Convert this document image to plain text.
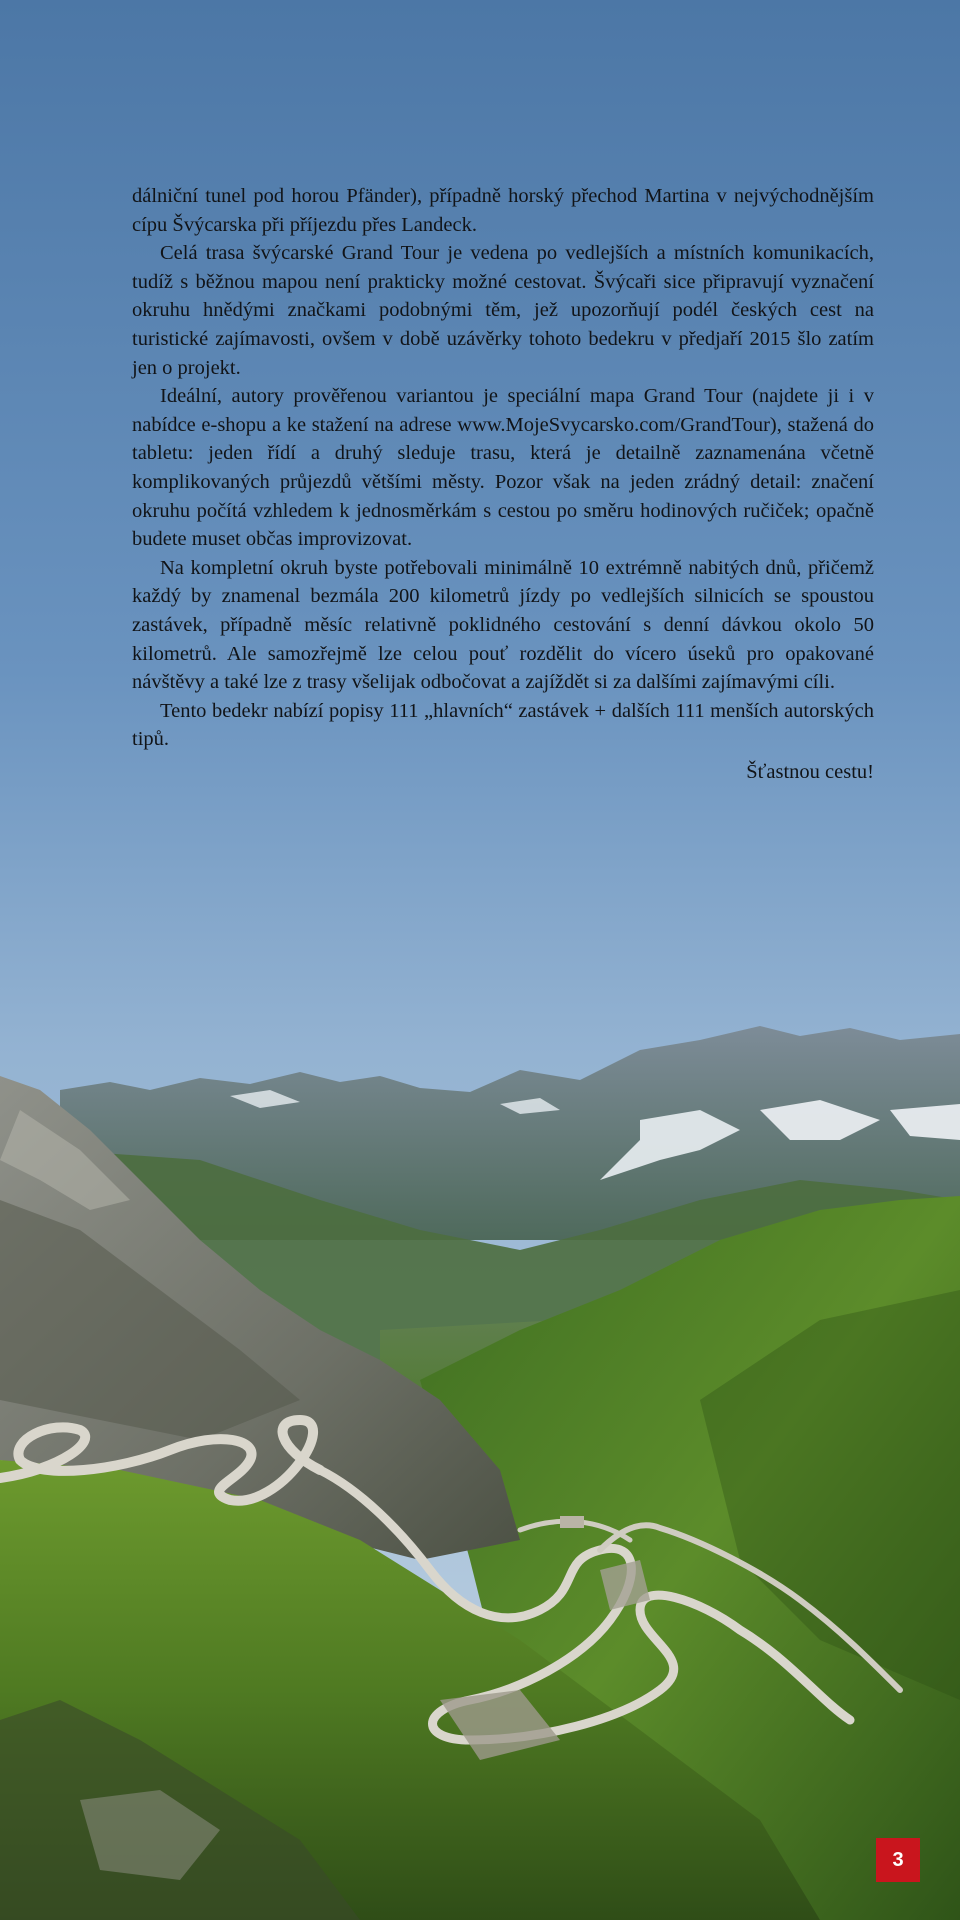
dálniční tunel pod horou Pfänder), případně horský přechod Martina v nejvýchodnějším cípu Švýcarska při příjezdu přes Landeck.

Celá trasa švýcarské Grand Tour je vedena po vedlejších a místních komunikacích, tudíž s běžnou mapou není prakticky možné cestovat. Švýcaři sice připravují vyznačení okruhu hnědými značkami podobnými těm, jež upozorňují podél českých cest na turistické zajímavosti, ovšem v době uzávěrky tohoto bedekru v předjaří 2015 šlo zatím jen o projekt.

Ideální, autory prověřenou variantou je speciální mapa Grand Tour (najdete ji i v nabídce e-shopu a ke stažení na adrese www.MojeSvycarsko.com/GrandTour), stažená do tabletu: jeden řídí a druhý sleduje trasu, která je detailně zaznamenána včetně komplikovaných průjezdů většími městy. Pozor však na jeden zrádný detail: značení okruhu počítá vzhledem k jednosměrkám s cestou po směru hodinových ručiček; opačně budete muset občas improvizovat.

Na kompletní okruh byste potřebovali minimálně 10 extrémně nabitých dnů, přičemž každý by znamenal bezmála 200 kilometrů jízdy po vedlejších silnicích se spoustou zastávek, případně měsíc relativně poklidného cestování s denní dávkou okolo 50 kilometrů. Ale samozřejmě lze celou pouť rozdělit do vícero úseků pro opakované návštěvy a také lze z trasy všelijak odbočovat a zajíždět si za dalšími zajímavými cíli.

Tento bedekr nabízí popisy 111 „hlavních“ zastávek + dalších 111 menších autorských tipů.

Šťastnou cestu!
3
